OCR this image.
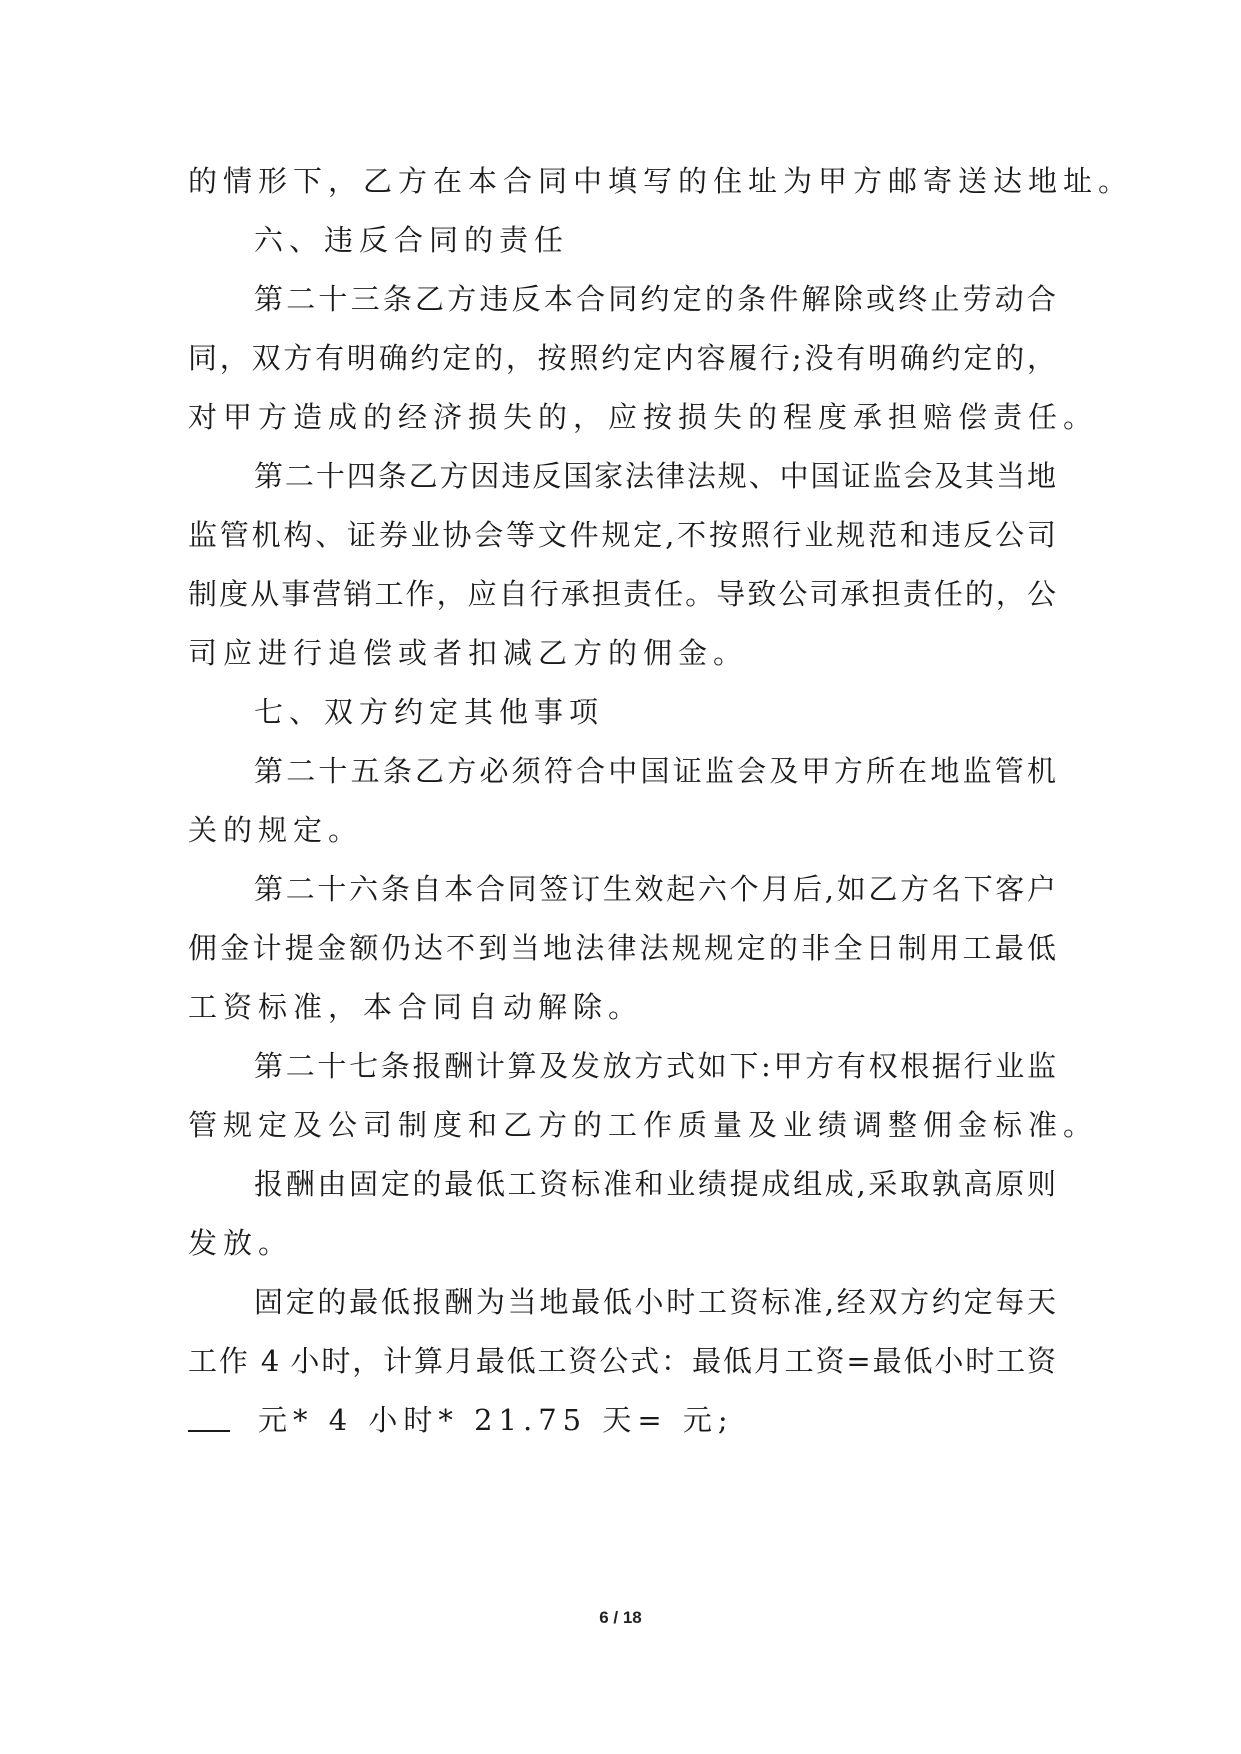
的情形下，乙方在本合同中填写的住址为甲方邮寄送达地址。
六、违反合同的责任
第二十三条乙方违反本合同约定的条件解除或终止劳动合
同，双方有明确约定的，按照约定内容履行;没有明确约定的，
对甲方造成的经济损失的，应按损失的程度承担赔偿责任。
第二十四条乙方因违反国家法律法规、中国证监会及其当地
监管机构、证券业协会等文件规定,不按照行业规范和违反公司
制度从事营销工作，应自行承担责任。导致公司承担责任的，公
司应进行追偿或者扣减乙方的佣金。
七、双方约定其他事项
第二十五条乙方必须符合中国证监会及甲方所在地监管机
关的规定。
第二十六条自本合同签订生效起六个月后,如乙方名下客户
佣金计提金额仍达不到当地法律法规规定的非全日制用工最低
工资标准，本合同自动解除。
第二十七条报酬计算及发放方式如下:甲方有权根据行业监
管规定及公司制度和乙方的工作质量及业绩调整佣金标准。
报酬由固定的最低工资标准和业绩提成组成,采取孰高原则
发放。
固定的最低报酬为当地最低小时工资标准,经双方约定每天
工作 4 小时，计算月最低工资公式：最低月工资=最低小时工资
元* 4 小时* 21.75 天= 元;
6 / 18
